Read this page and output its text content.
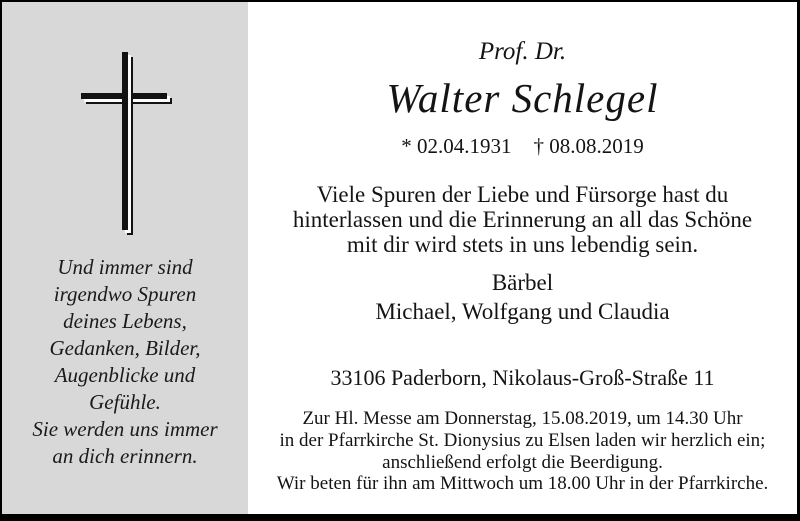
Und immer sind
irgendwo Spuren
deines Lebens,
Gedanken, Bilder,
Augenblicke und
Gefühle.
Sie werden uns immer
an dich erinnern.
Prof. Dr.
Walter Schlegel
* 02.04.1931 † 08.08.2019
Viele Spuren der Liebe und Fürsorge hast du
hinterlassen und die Erinnerung an all das Schöne
mit dir wird stets in uns lebendig sein.
Bärbel
Michael, Wolfgang und Claudia
33106 Paderborn, Nikolaus-Groß-Straße 11
Zur Hl. Messe am Donnerstag, 15.08.2019, um 14.30 Uhr
in der Pfarrkirche St. Dionysius zu Elsen laden wir herzlich ein;
anschließend erfolgt die Beerdigung.
Wir beten für ihn am Mittwoch um 18.00 Uhr in der Pfarrkirche.
